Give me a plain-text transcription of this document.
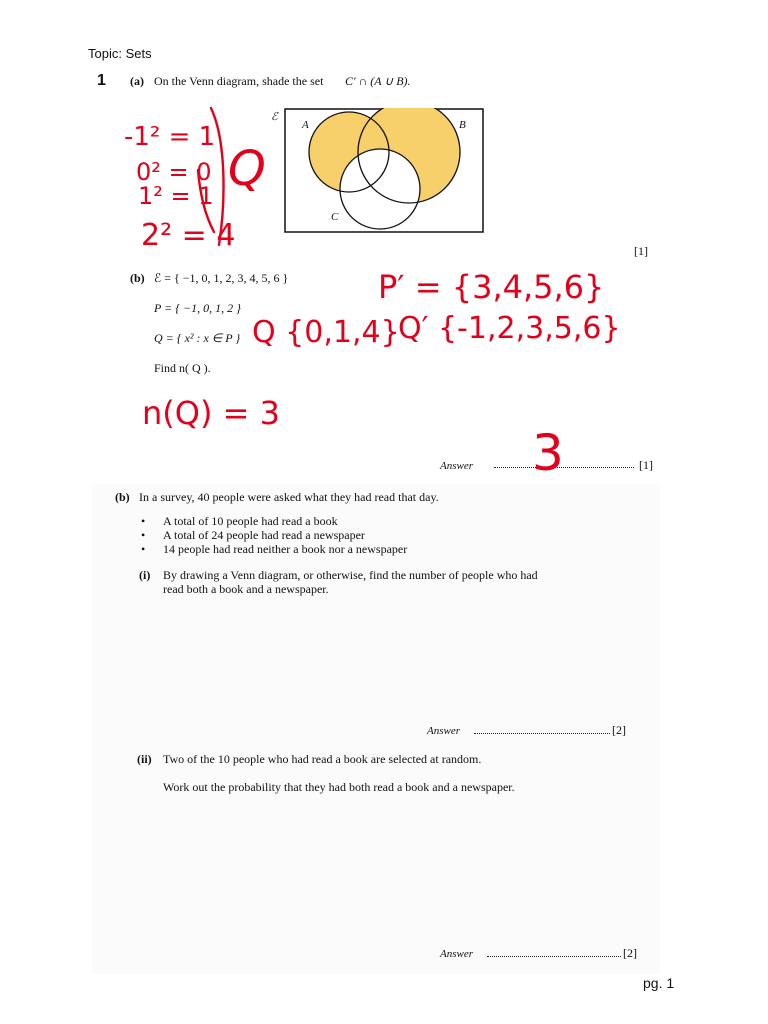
Topic: Sets
1 (a) On the Venn diagram, shade the set C′ ∩ (A ∪ B).
ℰ
A	B
C
[1]
(b) ℰ = { −1, 0, 1, 2, 3, 4, 5, 6 }
P = { −1, 0, 1, 2 }
Q = { x² : x ∈ P }
Find n( Q ).
Answer	[1]
-1² = 1
0² = 0
1² = 1
2² = 4
Q
P′ = {3,4,5,6}
Q {0,1,4}
Q′ {-1,2,3,5,6}
n(Q) = 3
3
(b) In a survey, 40 people were asked what they had read that day.
• A total of 10 people had read a book
• A total of 24 people had read a newspaper
• 14 people had read neither a book nor a newspaper
(i) By drawing a Venn diagram, or otherwise, find the number of people who had
read both a book and a newspaper.
Answer	[2]
(ii) Two of the 10 people who had read a book are selected at random.
Work out the probability that they had both read a book and a newspaper.
Answer	[2]
pg. 1
